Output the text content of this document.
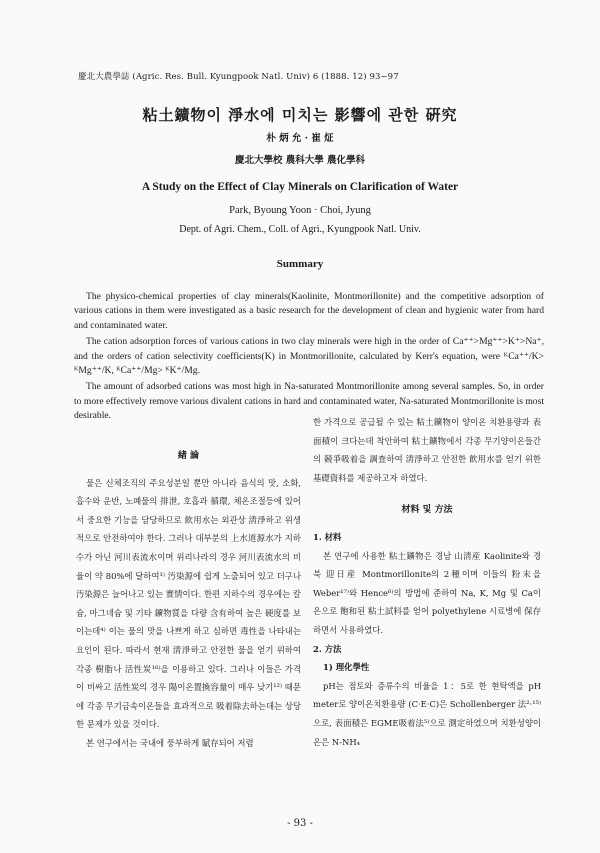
慶北大農學誌 (Agric. Res. Bull. Kyungpook Natl. Univ) 6 (1888. 12) 93~97
粘土鑛物이 淨水에 미치는 影響에 관한 硏究
朴 炳 允 · 崔 炡
慶北大學校 農科大學 農化學科
A Study on the Effect of Clay Minerals on Clarification of Water
Park, Byoung Yoon · Choi, Jyung
Dept. of Agri. Chem., Coll. of Agri., Kyungpook Natl. Univ.
Summary

The physico-chemical properties of clay minerals(Kaolinite, Montmorillonite) and the competitive adsorption of various cations in them were investigated as a basic research for the development of clean and hygienic water from hard and contaminated water.

The cation adsorption forces of various cations in two clay minerals were high in the order of Ca⁺⁺>Mg⁺⁺>K⁺>Na⁺, and the orders of cation selectivity coefficients(K) in Montmorillonite, calculated by Kerr's equation, were ᴷCa⁺⁺/K> ᴷMg⁺⁺/K, ᴷCa⁺⁺/Mg> ᴷK⁺/Mg.

The amount of adsorbed cations was most high in Na-saturated Montmorillonite among several samples. So, in order to more effectively remove various divalent cations in hard and contaminated water, Na-saturated Montmorillonite is most desirable.

緖 論

물은 신체조직의 주요성분일 뿐만 아니라 음식의 맛, 소화, 흡수와 운반, 노폐물의 排泄, 호흡과 循環, 체온조절등에 있어서 중요한 기능을 담당하므로 飮用水는 외관상 淸淨하고 위생적으로 안전하여야 한다. 그러나 대부분의 上水道源水가 지하수가 아닌 河川表流水이며 위리나라의 경우 河川表流水의 비율이 약 80%에 달하여¹⁾ 汚染源에 쉽게 노출되어 있고 더구나 汚染源은 늘어나고 있는 實情이다. 한편 지하수의 경우에는 칼슘, 마그네슘 및 기타 鑛物質을 다량 含有하여 높은 硬度를 보이는데⁴⁾ 이는 물의 맛을 나쁘게 하고 심하면 毒性을 나타내는 요인이 된다. 따라서 현재 淸淨하고 안전한 물을 얻기 위하여 각종 樹脂나 活性炭¹⁶⁾을 이용하고 있다. 그러나 이들은 가격이 비싸고 活性炭의 경우 陽이온置換容量이 매우 낮기¹²⁾ 때문에 각종 무기금속이온들을 효과적으로 吸着除去하는데는 상당한 문제가 있을 것이다.

본 연구에서는 국내에 풍부하게 賦存되어 저렴

한 가격으로 공급될 수 있는 粘土鑛物이 양이온 치환용량과 表面積이 크다는데 착안하여 粘土鑛物에서 각종 무기양이온들간의 競爭吸着을 調査하여 淸淨하고 안전한 飮用水를 얻기 위한 基礎資料를 제공하고자 하였다.

材料 및 方法

1. 材料

본 연구에 사용한 粘土鑛物은 경남 山淸産 Kaolinite와 경북 迎日産 Montmorillonite의 2種이며 이들의 粉末을 Weber¹⁷⁾와 Hence⁶⁾의 방법에 준하여 Na, K, Mg 및 Ca이온으로 飽和된 粘土試料를 얻어 polyethylene 시료병에 保存하면서 사용하였다.

2. 方法

1) 理化學性

pH는 점토와 증류수의 비율을 1：5로 한 현탁액을 pH meter로 양이온치환용량 (C·E·C)은 Schollenberger 法²·¹⁵⁾으로, 表面積은 EGME吸着法⁵⁾으로 測定하였으며 치환성양이온은 N-NH₄

- 93 -
